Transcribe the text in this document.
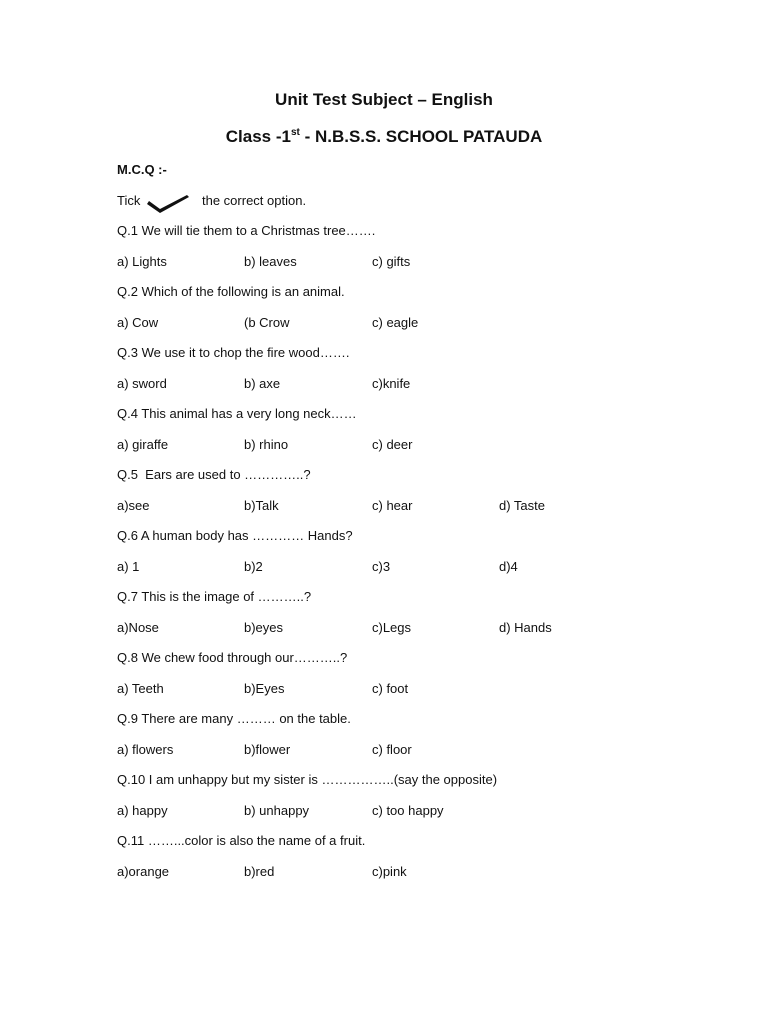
Unit Test Subject – English
Class -1st - N.B.S.S. SCHOOL PATAUDA
M.C.Q :-
Tick	the correct option.
Q.1 We will tie them to a Christmas tree…….
a) Lights	b) leaves	c) gifts
Q.2 Which of the following is an animal.
a) Cow	(b Crow	c) eagle
Q.3 We use it to chop the fire wood…….
a) sword	b) axe	c)knife
Q.4 This animal has a very long neck……
a) giraffe	b) rhino	c) deer
Q.5  Ears are used to …………..?
a)see	b)Talk	c) hear	d) Taste
Q.6 A human body has ………… Hands?
a) 1	b)2	c)3	d)4
Q.7 This is the image of ………..?
a)Nose	b)eyes	c)Legs	d) Hands
Q.8 We chew food through our………..?
a) Teeth	b)Eyes	c) foot
Q.9 There are many ……… on the table.
a) flowers	b)flower	c) floor
Q.10 I am unhappy but my sister is ……………..(say the opposite)
a) happy	b) unhappy	c) too happy
Q.11 ……...color is also the name of a fruit.
a)orange	b)red	c)pink
